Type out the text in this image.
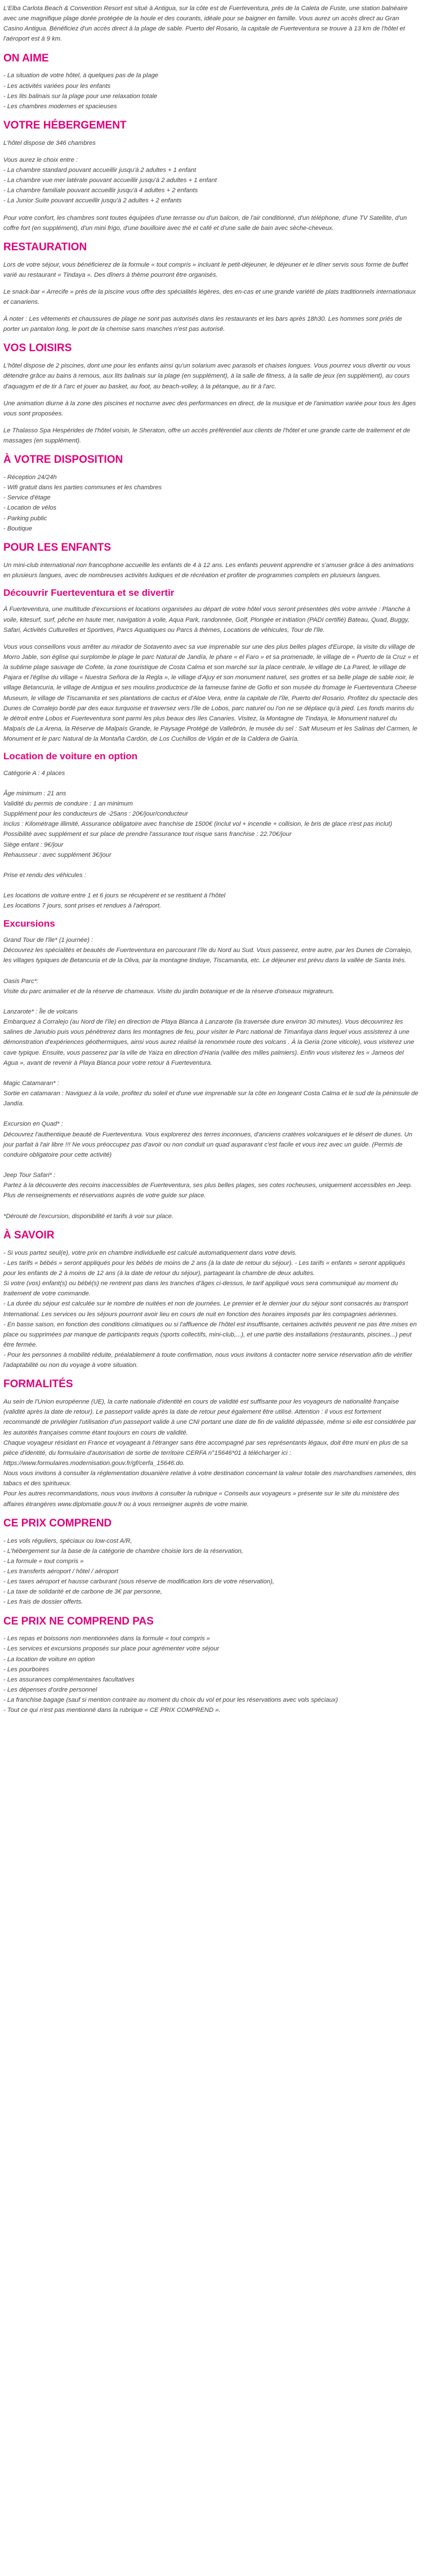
L'Elba Carlota Beach & Convention Resort est situé à Antigua, sur la côte est de Fuerteventura, près de la Caleta de Fuste, une station balnéaire avec une magnifique plage dorée protégée de la houle et des courants, idéale pour se baigner en famille. Vous aurez un accès direct au Gran Casino Antigua. Bénéficiez d'un accès direct à la plage de sable. Puerto del Rosario, la capitale de Fuerteventura se trouve à 13 km de l'hôtel et l'aéroport est à 9 km.

ON AIME
- La situation de votre hôtel, à quelques pas de la plage
- Les activités variées pour les enfants
- Les lits balinais sur la plage pour une relaxation totale
- Les chambres modernes et spacieuses
VOTRE HÉBERGEMENT

L'hôtel dispose de 346 chambres

Vous aurez le choix entre :

- La chambre standard pouvant accueillir jusqu'à 2 adultes + 1 enfant
- La chambre vue mer latérale pouvant accueillir jusqu'à 2 adultes + 1 enfant
- La chambre familiale pouvant accueillir jusqu'à 4 adultes + 2 enfants
- La Junior Suite pouvant accueillir jusqu'à 2 adultes + 2 enfants

Pour votre confort, les chambres sont toutes équipées d'une terrasse ou d'un balcon, de l'air conditionné, d'un téléphone, d'une TV Satellite, d'un coffre fort (en supplément), d'un mini frigo, d'une bouilloire avec thé et café et d'une salle de bain avec sèche-cheveux.

RESTAURATION

Lors de votre séjour, vous bénéficierez de la formule « tout compris » incluant le petit-déjeuner, le déjeuner et le dîner servis sous forme de buffet varié au restaurant « Tindaya ». Des dîners à thème pourront être organisés.

Le snack-bar « Arrecife » près de la piscine vous offre des spécialités légères, des en-cas et une grande variété de plats traditionnels internationaux et canariens.

À noter : Les vêtements et chaussures de plage ne sont pas autorisés dans les restaurants et les bars après 18h30. Les hommes sont priés de porter un pantalon long, le port de la chemise sans manches n'est pas autorisé.

VOS LOISIRS

L'hôtel dispose de 2 piscines, dont une pour les enfants ainsi qu'un solarium avec parasols et chaises longues. Vous pourrez vous divertir ou vous détendre grâce au bains à remous, aux lits balinais sur la plage (en supplément), à la salle de fitness, à la salle de jeux (en supplément), au cours d'aquagym et de tir à l'arc et jouer au basket, au foot, au beach-volley, à la pétanque, au tir à l'arc.

Une animation diurne à la zone des piscines et nocturne avec des performances en direct, de la musique et de l'animation variée pour tous les âges vous sont proposées.

Le Thalasso Spa Hespérides de l'hôtel voisin, le Sheraton, offre un accès préférentiel aux clients de l'hôtel et une grande carte de traitement et de massages (en supplément).

À VOTRE DISPOSITION
- Réception 24/24h
- Wifi gratuit dans les parties communes et les chambres
- Service d'étage
- Location de vélos
- Parking public
- Boutique
POUR LES ENFANTS

Un mini-club international non francophone accueille les enfants de 4 à 12 ans. Les enfants peuvent apprendre et s'amuser grâce à des animations en plusieurs langues, avec de nombreuses activités ludiques et de récréation et profiter de programmes complets en plusieurs langues.

Découvrir Fuerteventura et se divertir

À Fuerteventura, une multitude d'excursions et locations organisées au départ de votre hôtel vous seront présentées dès votre arrivée : Planche à voile, kitesurf, surf, pêche en haute mer, navigation à voile, Aqua Park, randonnée, Golf, Plongée et initiation (PADI certifié) Bateau, Quad, Buggy, Safari, Activités Culturelles et Sportives, Parcs Aquatiques ou Parcs à thèmes, Locations de véhicules, Tour de l'île.

Vous vous conseillons vous arrêter au mirador de Sotavento avec sa vue imprenable sur une des plus belles plages d'Europe, la visite du village de Morro Jable, son église qui surplombe le plage le parc Natural de Jandía, le phare « el Faro » et sa promenade, le village de « Puerto de la Cruz » et la sublime plage sauvage de Cofete, la zone touristique de Costa Calma et son marché sur la place centrale, le village de La Pared, le village de Pajara et l'église du village « Nuestra Señora de la Regla », le village d'Ajuy et son monument naturel, ses grottes et sa belle plage de sable noir, le village Betancuria, le village de Antigua et ses moulins productrice de la fameuse farine de Gofio et son musée du fromage le Fuerteventura Cheese Museum, le village de Tiscamanita et ses plantations de cactus et d'Aloe Vera, entre la capitale de l'île, Puerto del Rosario. Profitez du spectacle des Dunes de Corralejo bordé par des eaux turquoise et traversez vers l'île de Lobos, parc naturel ou l'on ne se déplace qu'à pied. Les fonds marins du le détroit entre Lobos et Fuerteventura sont parmi les plus beaux des îles Canaries. Visitez, la Montagne de Tindaya, le Monument naturel du Malpaís de La Arena, la Réserve de Malpaís Grande, le Paysage Protégé de Vallebrón, le musée du sel : Salt Museum et les Salinas del Carmen, le Monument et le parc Natural de la Montaña Cardón, de Los Cuchillos de Vigán et de la Caldera de Gairía.

Location de voiture en option
Catégorie A : 4 places

Âge minimum : 21 ans
Validité du permis de conduire : 1 an minimum
Supplément pour les conducteurs de -25ans : 20€/jour/conducteur
Inclus : Kilométrage illimité, Assurance obligatoire avec franchise de 1500€ (inclut vol + incendie + collision, le bris de glace n'est pas inclut)
Possibilité avec supplément et sur place de prendre l'assurance tout risque sans franchise : 22.70€/jour
Siège enfant : 9€/jour
Rehausseur : avec supplément 3€/jour

Prise et rendu des véhicules :

Les locations de voiture entre 1 et 6 jours se récupèrent et se restituent à l'hôtel
Les locations 7 jours, sont prises et rendues à l'aéroport.
Excursions
Grand Tour de l'île* (1 journée) :
Découvrez les spécialités et beautés de Fuerteventura en parcourant l'île du Nord au Sud. Vous passerez, entre autre, par les Dunes de Corralejo, les villages typiques de Betancuria et de la Oliva, par la montagne tindaye, Tiscamanita, etc. Le déjeuner est prévu dans la vallée de Santa Inés.

Oasis Parc*:
Visite du parc animalier et de la réserve de chameaux. Visite du jardin botanique et de la réserve d'oiseaux migrateurs.

Lanzarote* : Île de volcans
Embarquez à Corralejo (au Nord de l'île) en direction de Playa Blanca à Lanzarote (la traversée dure environ 30 minutes). Vous découvrirez les salines de Janubio puis vous pénètrerez dans les montagnes de feu, pour visiter le Parc national de Timanfaya dans lequel vous assisterez à une démonstration d'expériences géothermiques, ainsi vous aurez réalisé la renommée route des volcans . À la Geria (zone viticole), vous visiterez une cave typique. Ensuite, vous passerez par la ville de Yaiza en direction d'Haria (vallée des milles palmiers). Enfin vous visiterez les « Jameos del Agua », avant de revenir à Playa Blanca pour votre retour à Fuerteventura.

Magic Catamaran* :
Sortie en catamaran : Naviguez à la voile, profitez du soleil et d'une vue imprenable sur la côte en longeant Costa Calma et le sud de la péninsule de Jandía.

Excursion en Quad* :
Découvrez l'authentique beauté de Fuerteventura. Vous explorerez des terres inconnues, d'anciens cratères volcaniques et le désert de dunes. Un jour parfait à l'air libre !!! Ne vous préoccupez pas d'avoir ou non conduit un quad auparavant c'est facile et vous irez avec un guide. (Permis de conduire obligatoire pour cette activité)

Jeep Tour Safari* :
Partez à la découverte des recoins inaccessibles de Fuerteventura, ses plus belles plages, ses cotes rocheuses, uniquement accessibles en Jeep. Plus de renseignements et réservations auprès de votre guide sur place.

*Dérouté de l'excursion, disponibilité et tarifs à voir sur place.
À SAVOIR
- Si vous partez seul(e), votre prix en chambre individuelle est calculé automatiquement dans votre devis.
- Les tarifs « bébés » seront appliqués pour les bébés de moins de 2 ans (à la date de retour du séjour). - Les tarifs « enfants » seront appliqués pour les enfants de 2 à moins de 12 ans (à la date de retour du séjour), partageant la chambre de deux adultes.
Si votre (vos) enfant(s) ou bébé(s) ne rentrent pas dans les tranches d'âges ci-dessus, le tarif appliqué vous sera communiqué au moment du traitement de votre commande.
- La durée du séjour est calculée sur le nombre de nuitées et non de journées. Le premier et le dernier jour du séjour sont consacrés au transport International. Les services ou les séjours pourront avoir lieu en cours de nuit en fonction des horaires imposés par les compagnies aériennes.
- En basse saison, en fonction des conditions climatiques ou si l'affluence de l'hôtel est insuffisante, certaines activités peuvent ne pas être mises en place ou supprimées par manque de participants requis (sports collectifs, mini-club,...), et une partie des installations (restaurants, piscines...) peut être fermée.
- Pour les personnes à mobilité réduite, préalablement à toute confirmation, nous vous invitons à contacter notre service réservation afin de vérifier l'adaptabilité ou non du voyage à votre situation.
FORMALITÉS

Au sein de l'Union européenne (UE), la carte nationale d'identité en cours de validité est suffisante pour les voyageurs de nationalité française (validité après la date de retour). Le passeport valide après la date de retour peut également être utilisé. Attention : il vous est fortement recommandé de privilégier l'utilisation d'un passeport valide à une CNI portant une date de fin de validité dépassée, même si elle est considérée par les autorités françaises comme étant toujours en cours de validité.

Chaque voyageur résidant en France et voyageant à l'étranger sans être accompagné par ses représentants légaux, doit être muni en plus de sa pièce d'identité, du formulaire d'autorisation de sortie de territoire CERFA n°15646*01 à télécharger ici :

https://www.formulaires.modernisation.gouv.fr/gf/cerfa_15646.do.

Nous vous invitons à consulter la réglementation douanière relative à votre destination concernant la valeur totale des marchandises ramenées, des tabacs et des spiritueux.

Pour les autres recommandations, nous vous invitons à consulter la rubrique « Conseils aux voyageurs » présente sur le site du ministère des affaires étrangères www.diplomatie.gouv.fr ou à vous renseigner auprès de votre mairie.

CE PRIX COMPREND
- Les vols réguliers, spéciaux ou low-cost A/R,
- L'hébergement sur la base de la catégorie de chambre choisie lors de la réservation,
- La formule « tout compris »
- Les transferts aéroport / hôtel / aéroport
- Les taxes aéroport et hausse carburant (sous réserve de modification lors de votre réservation),
- La taxe de solidarité et de carbone de 3€ par personne,
- Les frais de dossier offerts.
CE PRIX NE COMPREND PAS
- Les repas et boissons non mentionnées dans la formule « tout compris »
- Les services et excursions proposés sur place pour agrémenter votre séjour
- La location de voiture en option
- Les pourboires
- Les assurances complémentaires facultatives
- Les dépenses d'ordre personnel
- La franchise bagage (sauf si mention contraire au moment du choix du vol et pour les réservations avec vols spéciaux)
- Tout ce qui n'est pas mentionné dans la rubrique « CE PRIX COMPREND ».
